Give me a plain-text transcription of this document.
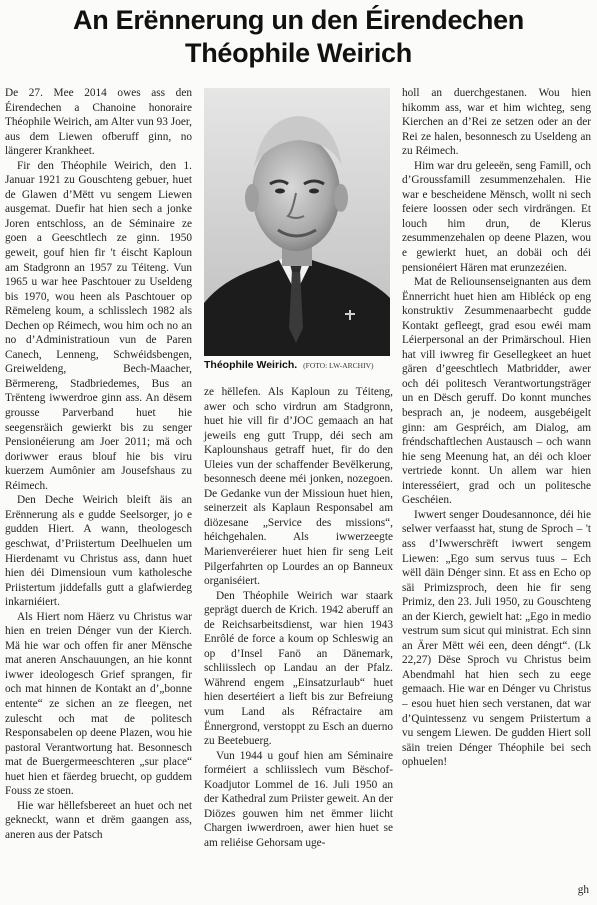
An Erënnerung un den Éirendechen
Théophile Weirich

De 27. Mee 2014 owes ass den Éirendechen a Chanoine honoraire Théophile Weirich, am Alter vun 93 Joer, aus dem Liewen ofberuff ginn, no längerer Krankheet.

Fir den Théophile Weirich, den 1. Januar 1921 zu Gouschteng gebuer, huet de Glawen d’Mëtt vu sengem Liewen ausgemat. Duefir hat hien sech a jonke Joren entschloss, an de Séminaire ze goen a Geeschtlech ze ginn. 1950 geweit, gouf hien fir 't éischt Kaploun am Stadgronn an 1957 zu Téiteng. Vun 1965 u war hee Paschtouer zu Useldeng bis 1970, wou heen als Paschtouer op Rëmeleng koum, a schlisslech 1982 als Dechen op Réimech, wou him och no an no d’Administratioun vun de Paren Canech, Lenneng, Schwéidsbengen, Greiweldeng, Bech-Maacher, Bërmereng, Stadbriedemes, Bus an Trënteng iwwerdroe ginn ass. An dësem grousse Parverband huet hie seegensräich gewierkt bis zu senger Pensionéierung am Joer 2011; mä och doriwwer eraus blouf hie bis viru kuerzem Aumônier am Jousefshaus zu Réimech.

Den Deche Weirich bleift äis an Erënnerung als e gudde Seelsorger, jo e gudden Hiert. A wann, theologesch geschwat, d’Priistertum Deelhuelen um Hierdenamt vu Christus ass, dann huet hien déi Dimensioun vum katholesche Priistertum jiddefalls gutt a glafwierdeg inkarniéiert.

Als Hiert nom Häerz vu Christus war hien en treien Dénger vun der Kierch. Mä hie war och offen fir aner Mënsche mat aneren Anschauungen, an hie konnt iwwer ideologesch Grief sprangen, fir och mat hinnen de Kontakt an d’„bonne entente“ ze sichen an ze fleegen, net zulescht och mat de politesch Responsabelen op deene Plazen, wou hie pastoral Verantwortung hat. Besonnesch mat de Buergermeeschteren „sur place“ huet hien et fäerdeg bruecht, op guddem Fouss ze stoen.

Hie war hëllefsbereet an huet och net gekneckt, wann et drëm gaangen ass, aneren aus der Patsch

Théophile Weirich. (FOTO: LW-ARCHIV)

ze hëllefen. Als Kaploun zu Téiteng, awer och scho virdrun am Stadgronn, huet hie vill fir d’JOC gemaach an hat jeweils eng gutt Trupp, déi sech am Kaplounshaus getraff huet, fir do den Uleies vun der schaffender Bevëlkerung, besonnesch deene méi jonken, nozegoen. De Gedanke vun der Missioun huet hien, seinerzeit als Kaplaun Responsabel am diözesane „Service des missions“, héichgehalen. Als iwwerzeegte Marienveréierer huet hien fir seng Leit Pilgerfahrten op Lourdes an op Banneux organiséiert.

Den Théophile Weirich war staark geprägt duerch de Krich. 1942 aberuff an de Reichsarbeitsdienst, war hien 1943 Enrôlé de force a koum op Schleswig an op d’Insel Fanö an Dänemark, schliisslech op Landau an der Pfalz. Während engem „Einsatzurlaub“ huet hien desertéiert a lieft bis zur Befreiung vum Land als Réfractaire am Ënnergrond, verstoppt zu Esch an duerno zu Beetebuerg.

Vun 1944 u gouf hien am Séminaire forméiert a schliisslech vum Bëschof-Koadjutor Lommel de 16. Juli 1950 an der Kathedral zum Priister geweit. An der Diözes gouwen him net ëmmer liicht Chargen iwwerdroen, awer hien huet se am reliéise Gehorsam uge-

holl an duerchgestanen. Wou hien hikomm ass, war et him wichteg, seng Kierchen an d’Rei ze setzen oder an der Rei ze halen, besonnesch zu Useldeng an zu Réimech.

Him war dru geleeën, seng Famill, och d’Groussfamill zesummenzehalen. Hie war e bescheidene Mënsch, wollt ni sech feiere loossen oder sech virdrängen. Et louch him drun, de Klerus zesummenzehalen op deene Plazen, wou e gewierkt huet, an dobäi och déi pensionéiert Hären mat erunzezéien.

Mat de Reliounsenseignanten aus dem Ënnerricht huet hien am Hibléck op eng konstruktiv Zesummenaarbecht gudde Kontakt gefleegt, grad esou ewéi mam Léierpersonal an der Primärschoul. Hien hat vill iwwreg fir Gesellegkeet an huet gären d’geeschtlech Matbridder, awer och déi politesch Verantwortungsträger un en Dësch geruff. Do konnt munches besprach an, je nodeem, ausgebéigelt ginn: am Gespréich, am Dialog, am fréndschaftlechen Austausch – och wann hie seng Meenung hat, an déi och kloer vertriede konnt. Un allem war hien interesséiert, grad och un politesche Geschéien.

Iwwert senger Doudesannonce, déi hie selwer verfaasst hat, stung de Sproch – 't ass d’Iwwerschrëft iwwert sengem Liewen: „Ego sum servus tuus – Ech wëll däin Dénger sinn. Et ass en Echo op säi Primizsproch, deen hie fir seng Primiz, den 23. Juli 1950, zu Gouschteng an der Kierch, gewielt hat: „Ego in medio vestrum sum sicut qui ministrat. Ech sinn an Ärer Mëtt wéi een, deen déngt“. (Lk 22,27) Dëse Sproch vu Christus beim Abendmahl hat hien sech zu eege gemaach. Hie war en Dénger vu Christus – esou huet hien sech verstanen, dat war d’Quintessenz vu sengem Priistertum a vu sengem Liewen. De gudden Hiert soll säin treien Dénger Théophile bei sech ophuelen!

gh
